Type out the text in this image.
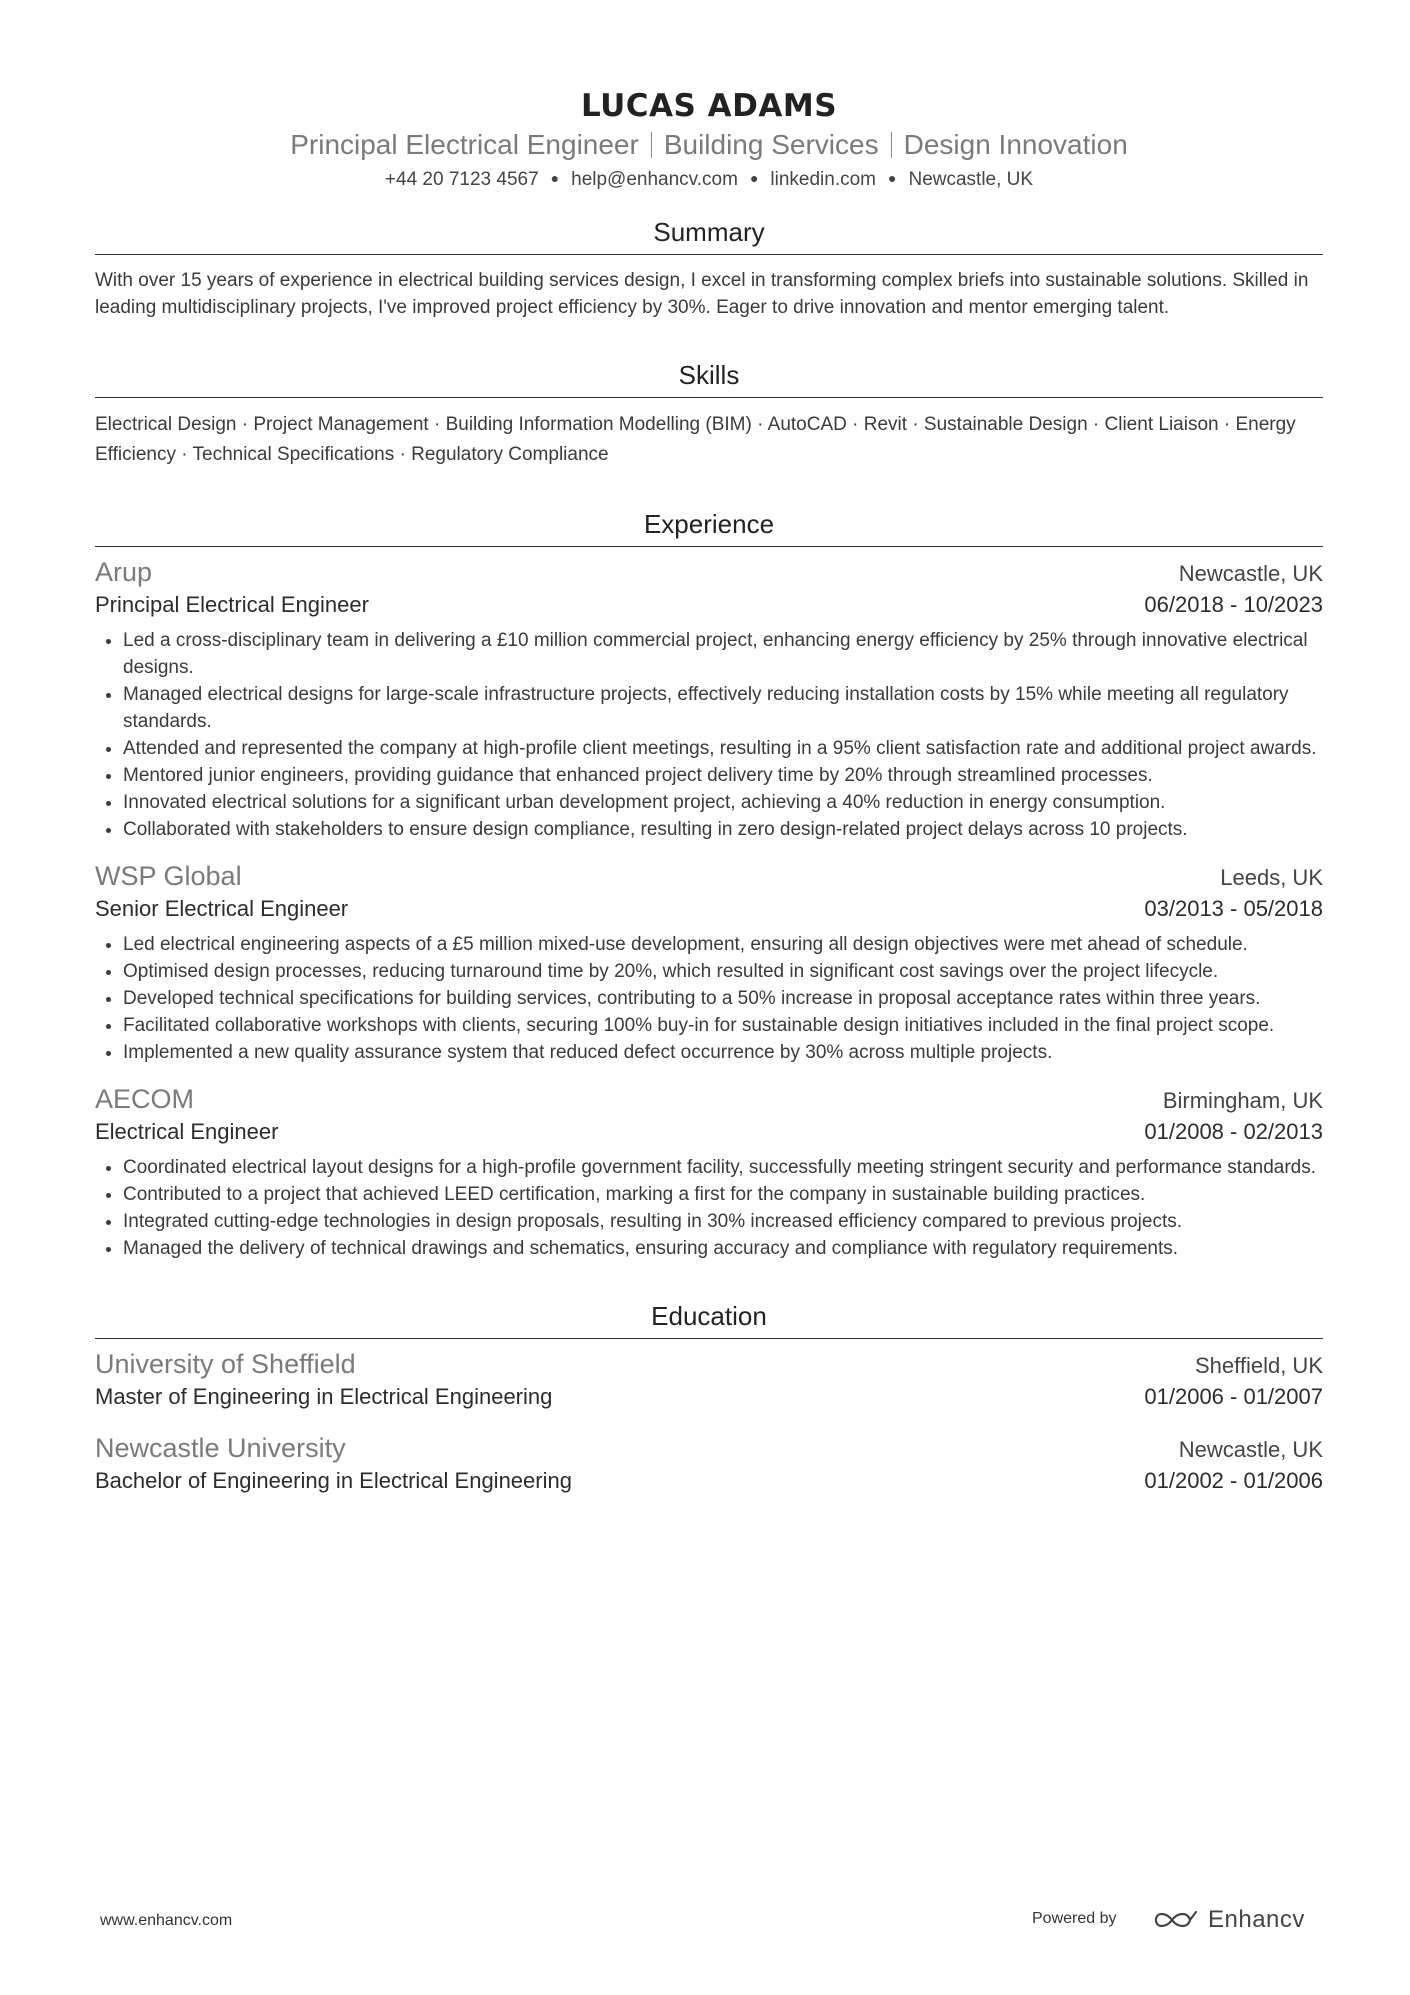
LUCAS ADAMS
Principal Electrical Engineer Building Services Design Innovation
+44 20 7123 4567 ● help@enhancv.com ● linkedin.com ● Newcastle, UK
Summary
With over 15 years of experience in electrical building services design, I excel in transforming complex briefs into sustainable solutions. Skilled in leading multidisciplinary projects, I've improved project efficiency by 30%. Eager to drive innovation and mentor emerging talent.
Skills
Electrical Design · Project Management · Building Information Modelling (BIM) · AutoCAD · Revit · Sustainable Design · Client Liaison · Energy Efficiency · Technical Specifications · Regulatory Compliance
Experience
Arup	Newcastle, UK
Principal Electrical Engineer	06/2018 - 10/2023
• Led a cross-disciplinary team in delivering a £10 million commercial project, enhancing energy efficiency by 25% through innovative electrical designs.
• Managed electrical designs for large-scale infrastructure projects, effectively reducing installation costs by 15% while meeting all regulatory standards.
• Attended and represented the company at high-profile client meetings, resulting in a 95% client satisfaction rate and additional project awards.
• Mentored junior engineers, providing guidance that enhanced project delivery time by 20% through streamlined processes.
• Innovated electrical solutions for a significant urban development project, achieving a 40% reduction in energy consumption.
• Collaborated with stakeholders to ensure design compliance, resulting in zero design-related project delays across 10 projects.
WSP Global	Leeds, UK
Senior Electrical Engineer	03/2013 - 05/2018
• Led electrical engineering aspects of a £5 million mixed-use development, ensuring all design objectives were met ahead of schedule.
• Optimised design processes, reducing turnaround time by 20%, which resulted in significant cost savings over the project lifecycle.
• Developed technical specifications for building services, contributing to a 50% increase in proposal acceptance rates within three years.
• Facilitated collaborative workshops with clients, securing 100% buy-in for sustainable design initiatives included in the final project scope.
• Implemented a new quality assurance system that reduced defect occurrence by 30% across multiple projects.
AECOM	Birmingham, UK
Electrical Engineer	01/2008 - 02/2013
• Coordinated electrical layout designs for a high-profile government facility, successfully meeting stringent security and performance standards.
• Contributed to a project that achieved LEED certification, marking a first for the company in sustainable building practices.
• Integrated cutting-edge technologies in design proposals, resulting in 30% increased efficiency compared to previous projects.
• Managed the delivery of technical drawings and schematics, ensuring accuracy and compliance with regulatory requirements.
Education
University of Sheffield	Sheffield, UK
Master of Engineering in Electrical Engineering	01/2006 - 01/2007
Newcastle University	Newcastle, UK
Bachelor of Engineering in Electrical Engineering	01/2002 - 01/2006
www.enhancv.com	Powered by	Enhancv
